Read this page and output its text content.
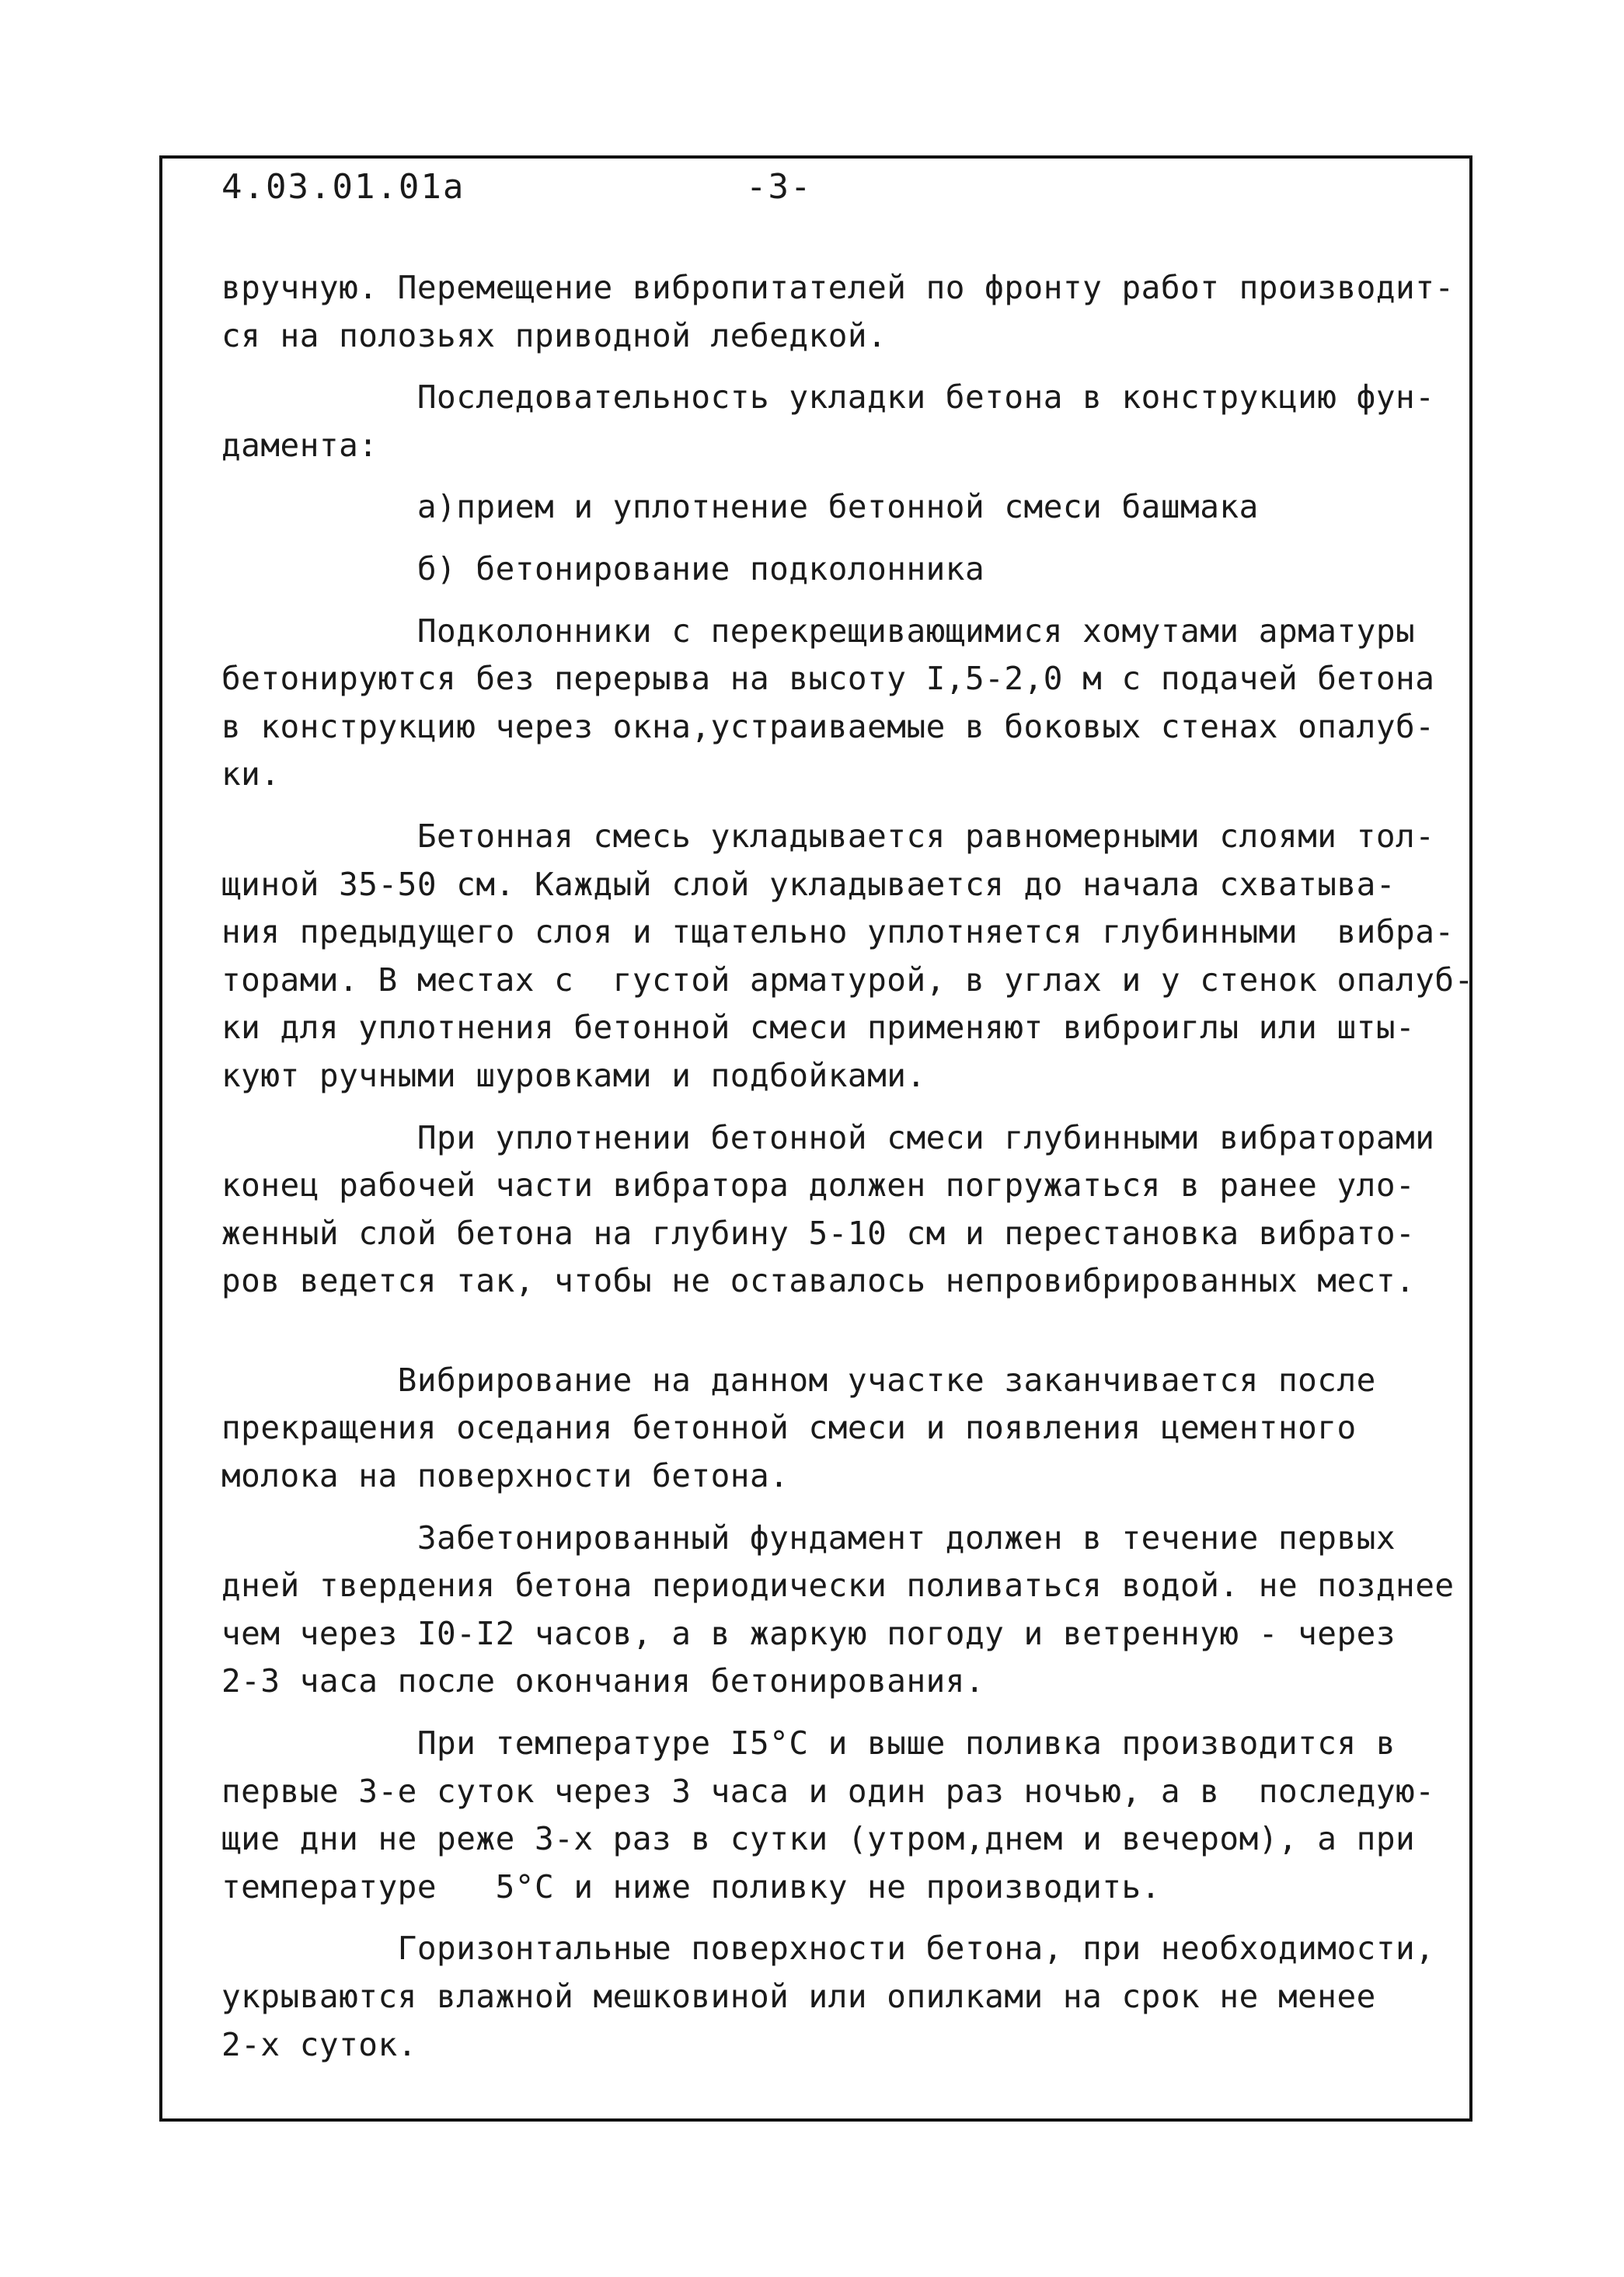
4.03.01.01а	-3-

вручную. Перемещение вибропитателей по фронту работ производит-
ся на полозьях приводной лебедкой.

Последовательность укладки бетона в конструкцию фун-
дамента:

а)прием и уплотнение бетонной смеси башмака

б) бетонирование подколонника

Подколонники с перекрещивающимися хомутами арматуры
бетонируются без перерыва на высоту I,5-2,0 м с подачей бетона
в конструкцию через окна,устраиваемые в боковых стенах опалуб-
ки.

Бетонная смесь укладывается равномерными слоями тол-
щиной 35-50 см. Каждый слой укладывается до начала схватыва-
ния предыдущего слоя и тщательно уплотняется глубинными  вибра-
торами. В местах с  густой арматурой, в углах и у стенок опалуб-
ки для уплотнения бетонной смеси применяют виброиглы или шты-
куют ручными шуровками и подбойками.

При уплотнении бетонной смеси глубинными вибраторами
конец рабочей части вибратора должен погружаться в ранее уло-
женный слой бетона на глубину 5-10 см и перестановка вибрато-
ров ведется так, чтобы не оставалось непровибрированных мест.

Вибрирование на данном участке заканчивается после
прекращения оседания бетонной смеси и появления цементного
молока на поверхности бетона.

Забетонированный фундамент должен в течение первых
дней твердения бетона периодически поливаться водой. не позднее
чем через I0-I2 часов, а в жаркую погоду и ветренную - через
2-3 часа после окончания бетонирования.

При температуре I5°С и выше поливка производится в
первые 3-е суток через 3 часа и один раз ночью, а в  последую-
щие дни не реже 3-х раз в сутки (утром,днем и вечером), а при
температуре   5°С и ниже поливку не производить.

Горизонтальные поверхности бетона, при необходимости,
укрываются влажной мешковиной или опилками на срок не менее
2-х суток.
